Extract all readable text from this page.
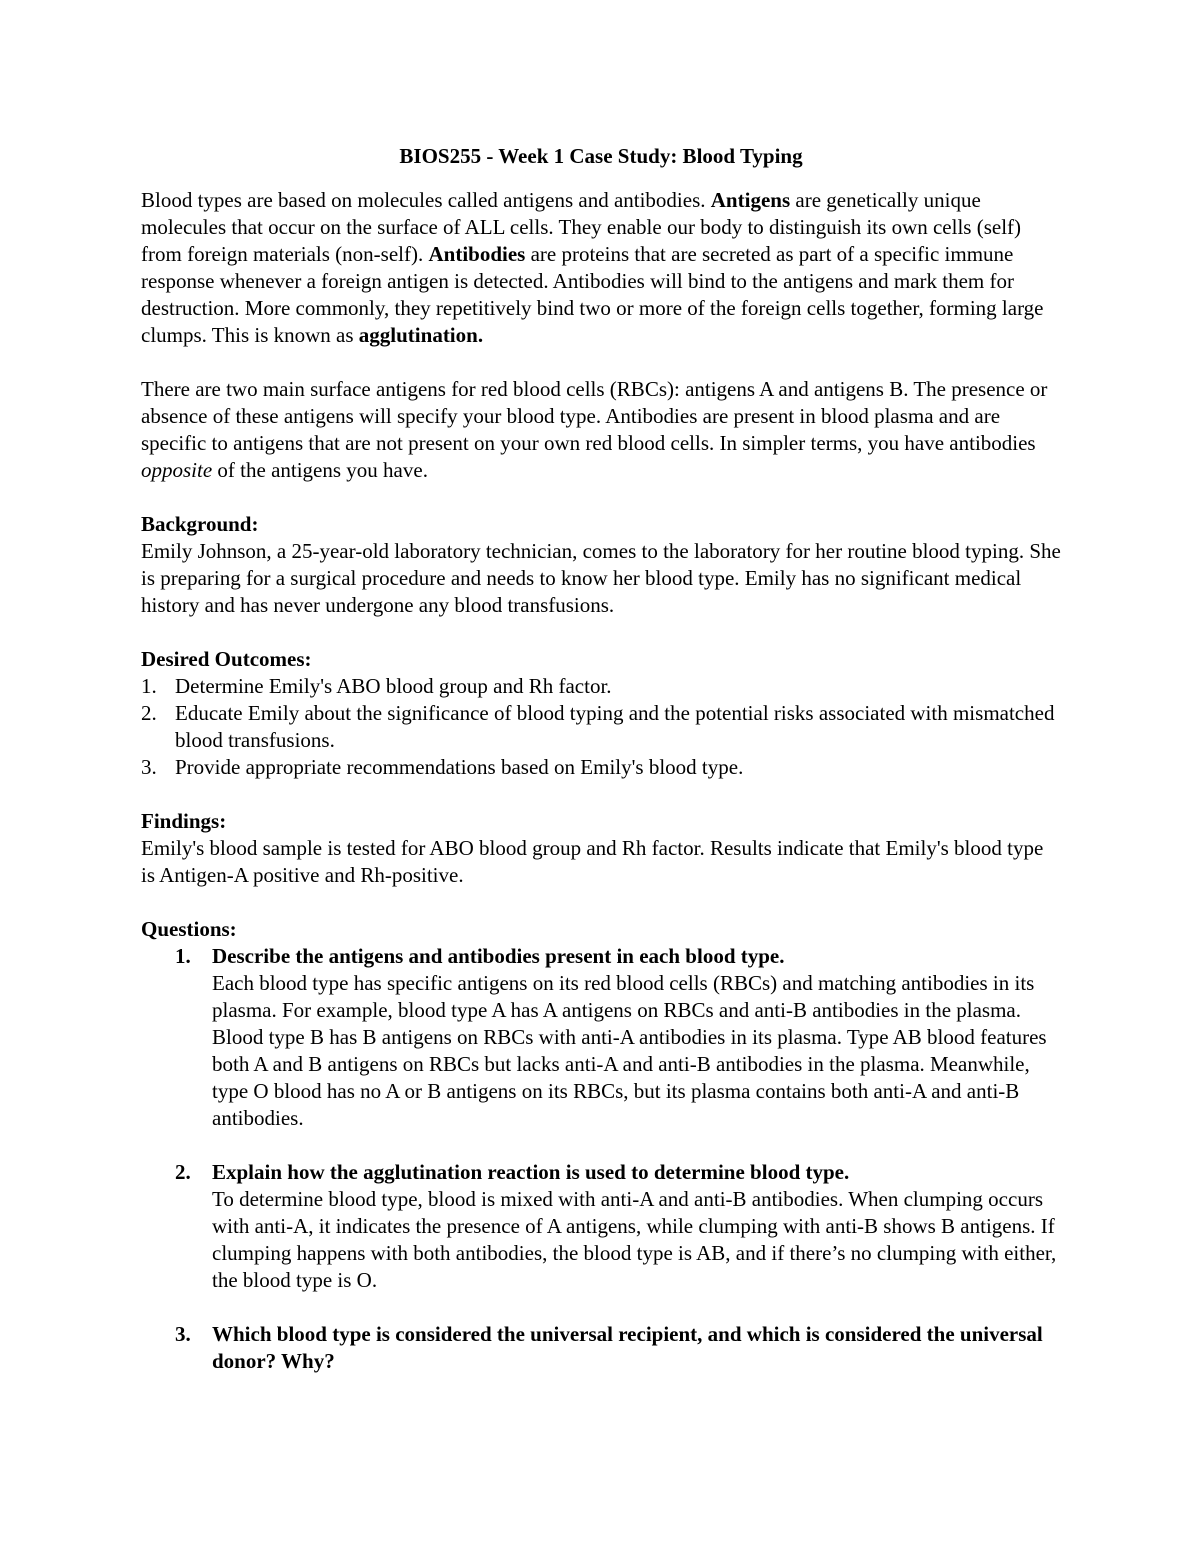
BIOS255 - Week 1 Case Study: Blood Typing

Blood types are based on molecules called antigens and antibodies. Antigens are genetically unique molecules that occur on the surface of ALL cells. They enable our body to distinguish its own cells (self) from foreign materials (non-self). Antibodies are proteins that are secreted as part of a specific immune response whenever a foreign antigen is detected. Antibodies will bind to the antigens and mark them for destruction. More commonly, they repetitively bind two or more of the foreign cells together, forming large clumps. This is known as agglutination.

There are two main surface antigens for red blood cells (RBCs): antigens A and antigens B. The presence or absence of these antigens will specify your blood type. Antibodies are present in blood plasma and are specific to antigens that are not present on your own red blood cells. In simpler terms, you have antibodies opposite of the antigens you have.

Background:

Emily Johnson, a 25-year-old laboratory technician, comes to the laboratory for her routine blood typing. She is preparing for a surgical procedure and needs to know her blood type. Emily has no significant medical history and has never undergone any blood transfusions.

Desired Outcomes:

1. Determine Emily's ABO blood group and Rh factor.
2. Educate Emily about the significance of blood typing and the potential risks associated with mismatched blood transfusions.
3. Provide appropriate recommendations based on Emily's blood type.

Findings:

Emily's blood sample is tested for ABO blood group and Rh factor. Results indicate that Emily's blood type is Antigen-A positive and Rh-positive.

Questions:

1. Describe the antigens and antibodies present in each blood type.
Each blood type has specific antigens on its red blood cells (RBCs) and matching antibodies in its plasma. For example, blood type A has A antigens on RBCs and anti-B antibodies in the plasma. Blood type B has B antigens on RBCs with anti-A antibodies in its plasma. Type AB blood features both A and B antigens on RBCs but lacks anti-A and anti-B antibodies in the plasma. Meanwhile, type O blood has no A or B antigens on its RBCs, but its plasma contains both anti-A and anti-B antibodies.
2. Explain how the agglutination reaction is used to determine blood type.
To determine blood type, blood is mixed with anti-A and anti-B antibodies. When clumping occurs with anti-A, it indicates the presence of A antigens, while clumping with anti-B shows B antigens. If clumping happens with both antibodies, the blood type is AB, and if there’s no clumping with either, the blood type is O.
3. Which blood type is considered the universal recipient, and which is considered the universal donor? Why?
